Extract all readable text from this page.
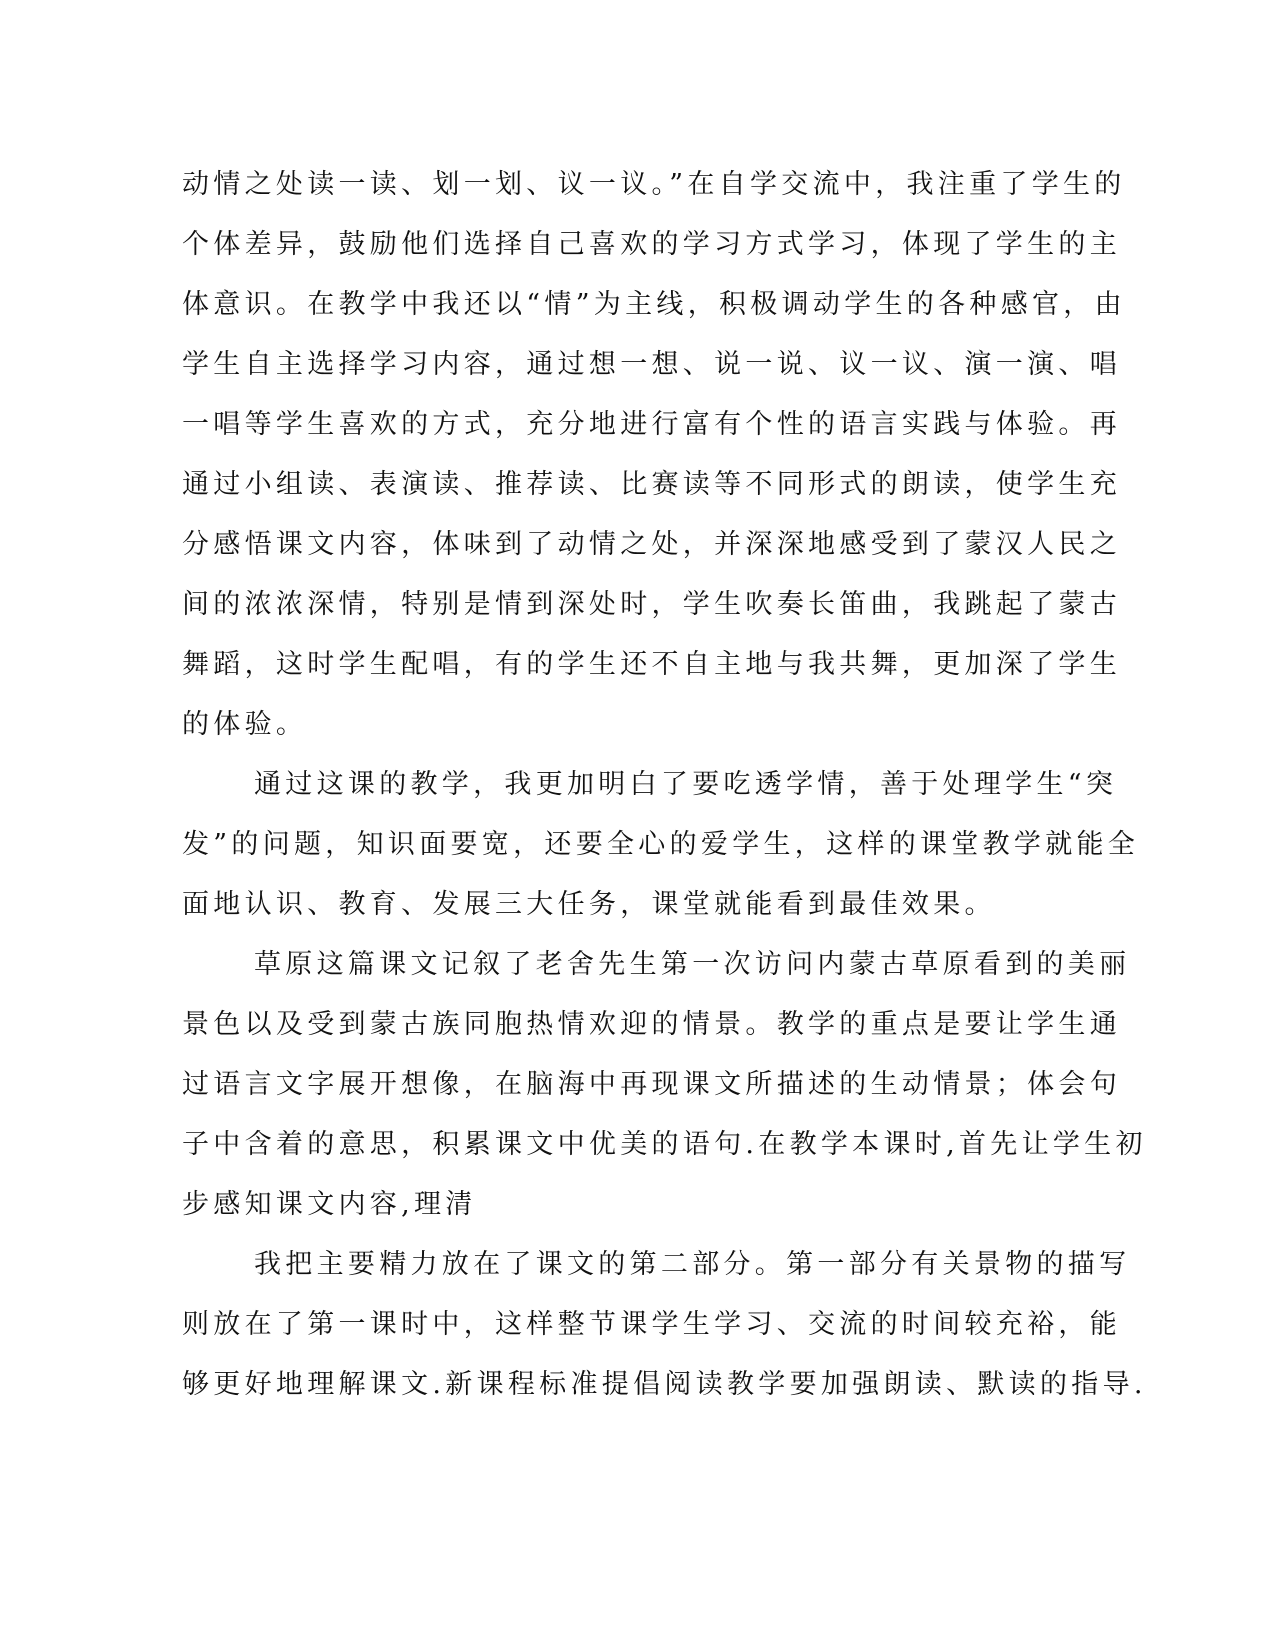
动情之处读一读、划一划、议一议。”在自学交流中，我注重了学生的
个体差异，鼓励他们选择自己喜欢的学习方式学习，体现了学生的主
体意识。在教学中我还以“情”为主线，积极调动学生的各种感官，由
学生自主选择学习内容，通过想一想、说一说、议一议、演一演、唱
一唱等学生喜欢的方式，充分地进行富有个性的语言实践与体验。再
通过小组读、表演读、推荐读、比赛读等不同形式的朗读，使学生充
分感悟课文内容，体味到了动情之处，并深深地感受到了蒙汉人民之
间的浓浓深情，特别是情到深处时，学生吹奏长笛曲，我跳起了蒙古
舞蹈，这时学生配唱，有的学生还不自主地与我共舞，更加深了学生
的体验。
通过这课的教学，我更加明白了要吃透学情，善于处理学生“突
发”的问题，知识面要宽，还要全心的爱学生，这样的课堂教学就能全
面地认识、教育、发展三大任务，课堂就能看到最佳效果。
草原这篇课文记叙了老舍先生第一次访问内蒙古草原看到的美丽
景色以及受到蒙古族同胞热情欢迎的情景。教学的重点是要让学生通
过语言文字展开想像，在脑海中再现课文所描述的生动情景；体会句
子中含着的意思，积累课文中优美的语句.在教学本课时,首先让学生初
步感知课文内容,理清
我把主要精力放在了课文的第二部分。第一部分有关景物的描写
则放在了第一课时中，这样整节课学生学习、交流的时间较充裕，能
够更好地理解课文.新课程标准提倡阅读教学要加强朗读、默读的指导.
